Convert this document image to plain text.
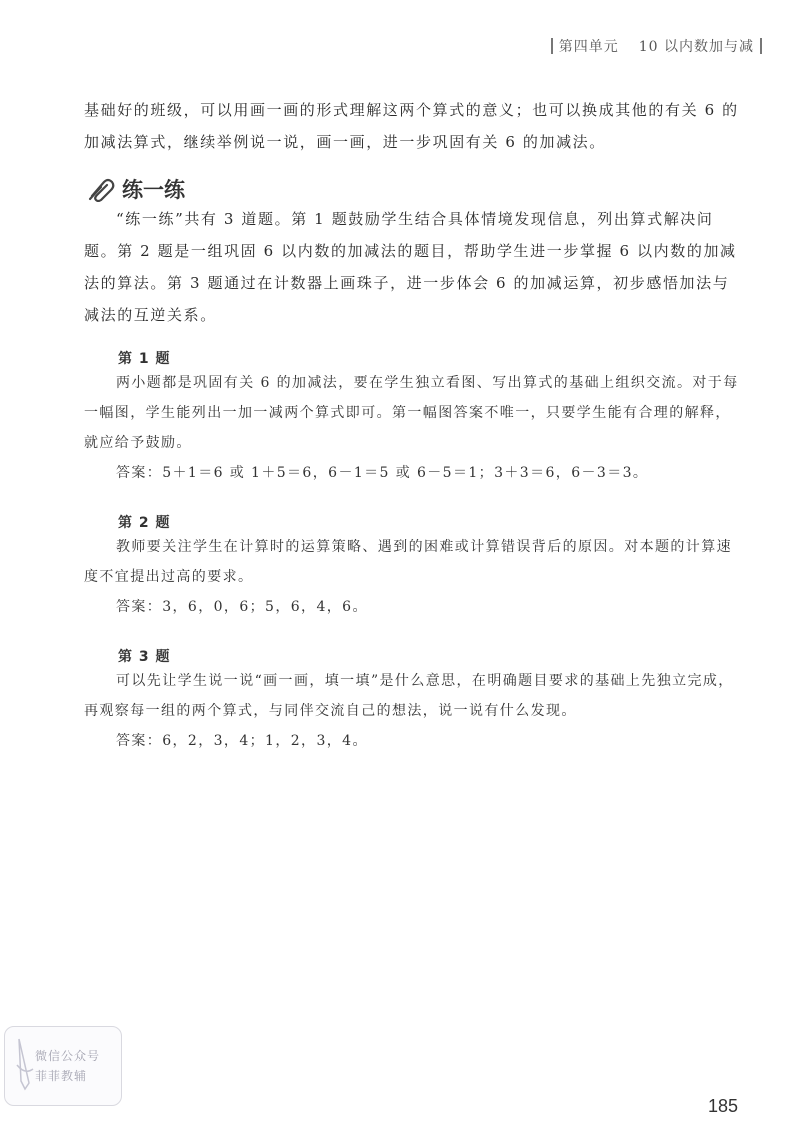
第四单元 10 以内数加与减

基础好的班级，可以用画一画的形式理解这两个算式的意义；也可以换成其他的有关 6 的加减法算式，继续举例说一说，画一画，进一步巩固有关 6 的加减法。

练一练

“练一练”共有 3 道题。第 1 题鼓励学生结合具体情境发现信息，列出算式解决问题。第 2 题是一组巩固 6 以内数的加减法的题目，帮助学生进一步掌握 6 以内数的加减法的算法。第 3 题通过在计数器上画珠子，进一步体会 6 的加减运算，初步感悟加法与减法的互逆关系。

第 1 题

两小题都是巩固有关 6 的加减法，要在学生独立看图、写出算式的基础上组织交流。对于每一幅图，学生能列出一加一减两个算式即可。第一幅图答案不唯一，只要学生能有合理的解释，就应给予鼓励。

答案：5＋1＝6 或 1＋5＝6，6－1＝5 或 6－5＝1；3＋3＝6，6－3＝3。

第 2 题

教师要关注学生在计算时的运算策略、遇到的困难或计算错误背后的原因。对本题的计算速度不宜提出过高的要求。

答案：3，6，0，6；5，6，4，6。

第 3 题

可以先让学生说一说“画一画，填一填”是什么意思，在明确题目要求的基础上先独立完成，再观察每一组的两个算式，与同伴交流自己的想法，说一说有什么发现。

答案：6，2，3，4；1，2，3，4。

微信公众号
菲菲教辅
185
